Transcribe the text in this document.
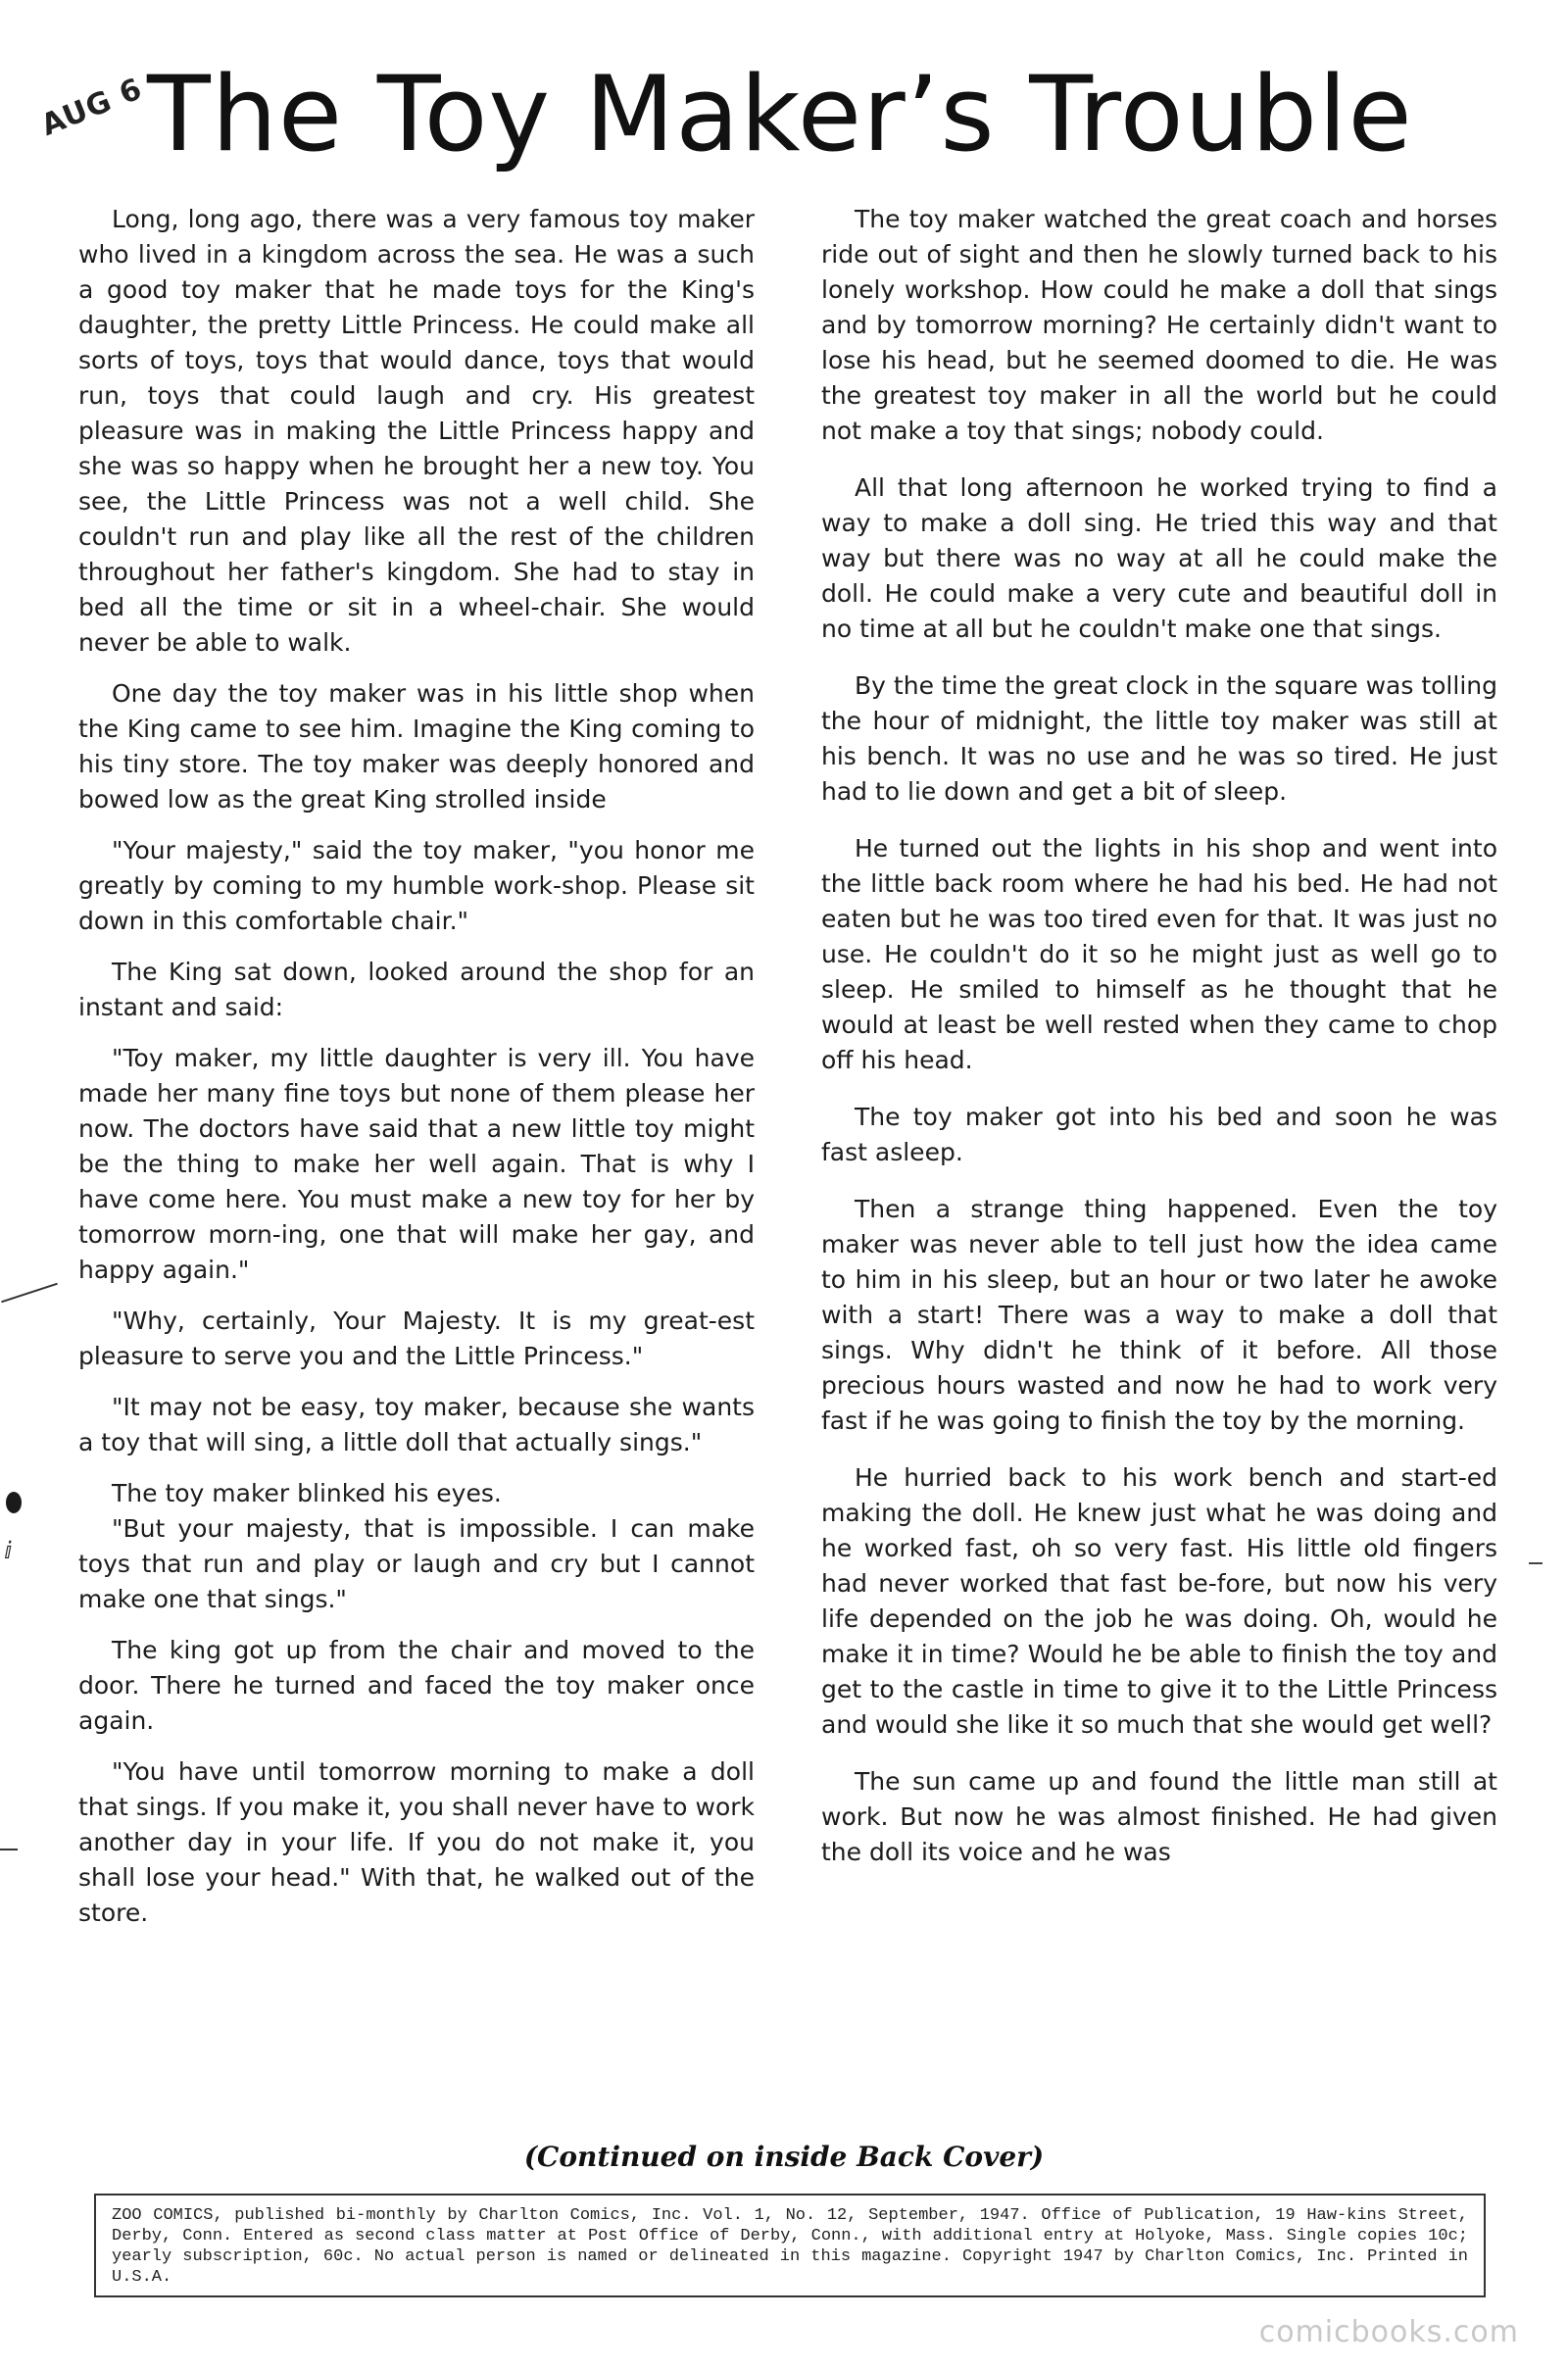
AUG 6 The Toy Maker’s Trouble

Long, long ago, there was a very famous toy maker who lived in a kingdom across the sea. He was a such a good toy maker that he made toys for the King's daughter, the pretty Little Princess. He could make all sorts of toys, toys that would dance, toys that would run, toys that could laugh and cry. His greatest pleasure was in making the Little Princess happy and she was so happy when he brought her a new toy. You see, the Little Princess was not a well child. She couldn't run and play like all the rest of the children throughout her father's kingdom. She had to stay in bed all the time or sit in a wheel-chair. She would never be able to walk.

One day the toy maker was in his little shop when the King came to see him. Imagine the King coming to his tiny store. The toy maker was deeply honored and bowed low as the great King strolled inside

"Your majesty," said the toy maker, "you honor me greatly by coming to my humble work-shop. Please sit down in this comfortable chair."

The King sat down, looked around the shop for an instant and said:

"Toy maker, my little daughter is very ill. You have made her many fine toys but none of them please her now. The doctors have said that a new little toy might be the thing to make her well again. That is why I have come here. You must make a new toy for her by tomorrow morn-ing, one that will make her gay, and happy again."

"Why, certainly, Your Majesty. It is my great-est pleasure to serve you and the Little Princess."

"It may not be easy, toy maker, because she wants a toy that will sing, a little doll that actually sings."

The toy maker blinked his eyes.

"But your majesty, that is impossible. I can make toys that run and play or laugh and cry but I cannot make one that sings."

The king got up from the chair and moved to the door. There he turned and faced the toy maker once again.

"You have until tomorrow morning to make a doll that sings. If you make it, you shall never have to work another day in your life. If you do not make it, you shall lose your head." With that, he walked out of the store.

The toy maker watched the great coach and horses ride out of sight and then he slowly turned back to his lonely workshop. How could he make a doll that sings and by tomorrow morning? He certainly didn't want to lose his head, but he seemed doomed to die. He was the greatest toy maker in all the world but he could not make a toy that sings; nobody could.

All that long afternoon he worked trying to find a way to make a doll sing. He tried this way and that way but there was no way at all he could make the doll. He could make a very cute and beautiful doll in no time at all but he couldn't make one that sings.

By the time the great clock in the square was tolling the hour of midnight, the little toy maker was still at his bench. It was no use and he was so tired. He just had to lie down and get a bit of sleep.

He turned out the lights in his shop and went into the little back room where he had his bed. He had not eaten but he was too tired even for that. It was just no use. He couldn't do it so he might just as well go to sleep. He smiled to himself as he thought that he would at least be well rested when they came to chop off his head.

The toy maker got into his bed and soon he was fast asleep.

Then a strange thing happened. Even the toy maker was never able to tell just how the idea came to him in his sleep, but an hour or two later he awoke with a start! There was a way to make a doll that sings. Why didn't he think of it before. All those precious hours wasted and now he had to work very fast if he was going to finish the toy by the morning.

He hurried back to his work bench and start-ed making the doll. He knew just what he was doing and he worked fast, oh so very fast. His little old fingers had never worked that fast be-fore, but now his very life depended on the job he was doing. Oh, would he make it in time? Would he be able to finish the toy and get to the castle in time to give it to the Little Princess and would she like it so much that she would get well?

The sun came up and found the little man still at work. But now he was almost finished. He had given the doll its voice and he was

(Continued on inside Back Cover)
ZOO COMICS, published bi-monthly by Charlton Comics, Inc. Vol. 1, No. 12, September, 1947. Office of Publication, 19 Haw-kins Street, Derby, Conn. Entered as second class matter at Post Office of Derby, Conn., with additional entry at Holyoke, Mass. Single copies 10c; yearly subscription, 60c. No actual person is named or delineated in this magazine. Copyright 1947 by Charlton Comics, Inc. Printed in U.S.A.
comicbooks.com
ⅈ
